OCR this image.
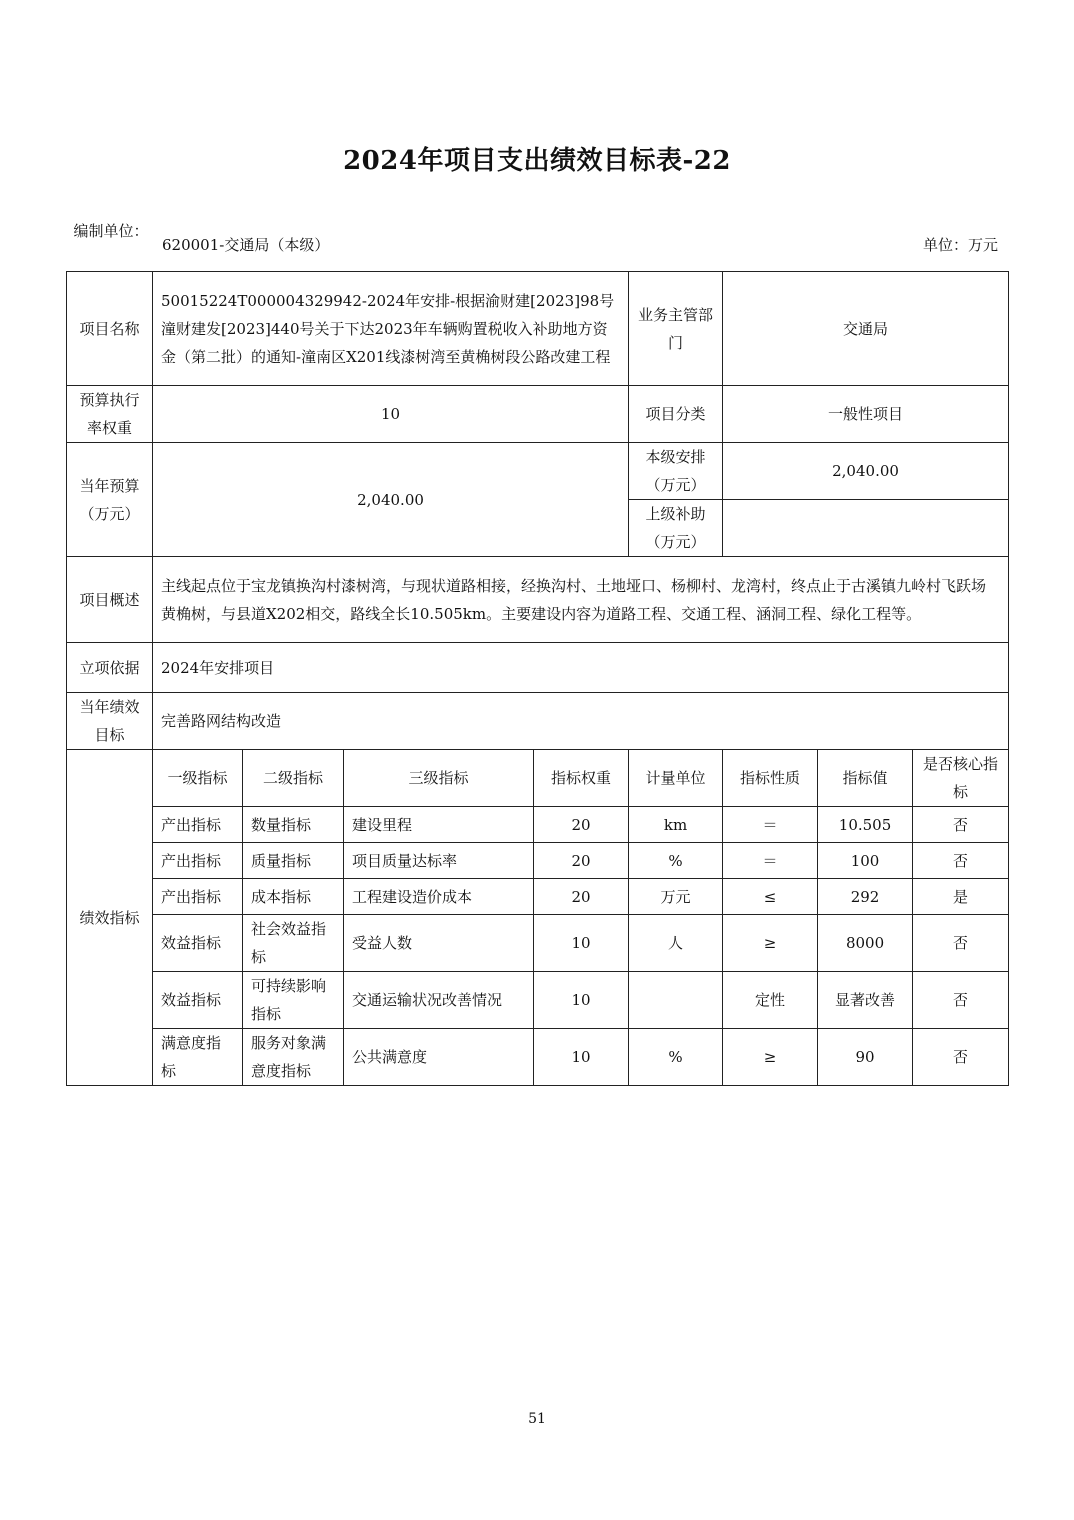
2024年项目支出绩效目标表-22
编制单位：
620001-交通局（本级）	单位：万元
项目名称	50015224T000004329942-2024年安排-根据渝财建[2023]98号潼财建发[2023]440号关于下达2023年车辆购置税收入补助地方资金（第二批）的通知-潼南区X201线漆树湾至黄桷树段公路改建工程				业务主管部门	交通局		
预算执行率权重	10				项目分类	一般性项目		
当年预算（万元）	2,040.00				本级安排（万元）	2,040.00		
					上级补助（万元）			
项目概述	主线起点位于宝龙镇换沟村漆树湾，与现状道路相接，经换沟村、土地垭口、杨柳村、龙湾村，终点止于古溪镇九岭村飞跃场黄桷树，与县道X202相交，路线全长10.505km。主要建设内容为道路工程、交通工程、涵洞工程、绿化工程等。							
立项依据	2024年安排项目							
当年绩效目标	完善路网结构改造							
绩效指标	一级指标	二级指标	三级指标	指标权重	计量单位	指标性质	指标值	是否核心指标
	产出指标	数量指标	建设里程	20	km	＝	10.505	否
	产出指标	质量指标	项目质量达标率	20	%	＝	100	否
	产出指标	成本指标	工程建设造价成本	20	万元	≤	292	是
	效益指标	社会效益指标	受益人数	10	人	≥	8000	否
	效益指标	可持续影响指标	交通运输状况改善情况	10		定性	显著改善	否
	满意度指标	服务对象满意度指标	公共满意度	10	%	≥	90	否
51
